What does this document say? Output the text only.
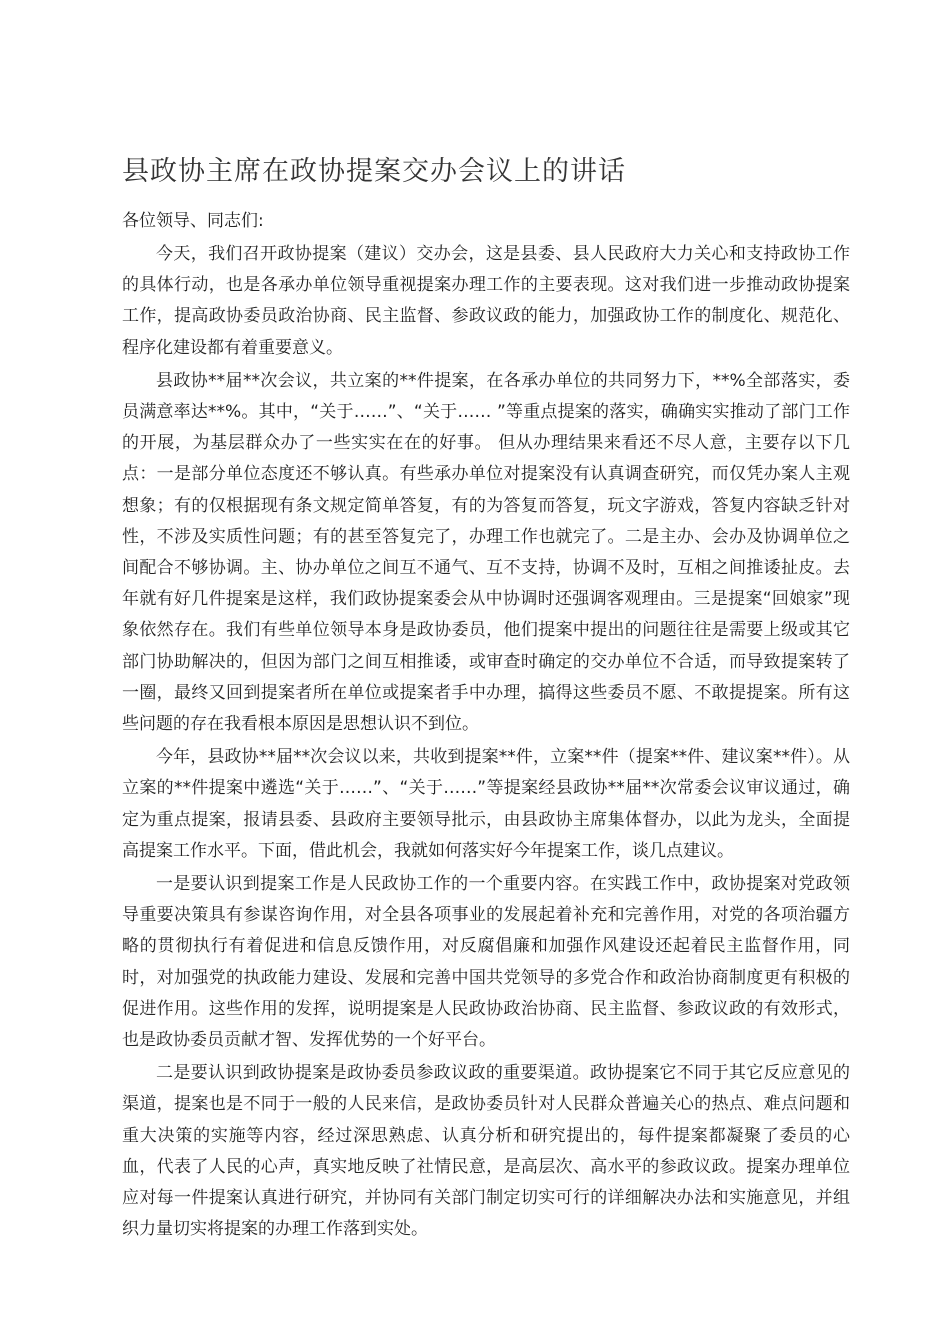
县政协主席在政协提案交办会议上的讲话

各位领导、同志们:

今天，我们召开政协提案（建议）交办会，这是县委、县人民政府大力关心和支持政协工作的具体行动，也是各承办单位领导重视提案办理工作的主要表现。这对我们进一步推动政协提案工作，提高政协委员政治协商、民主监督、参政议政的能力，加强政协工作的制度化、规范化、程序化建设都有着重要意义。

县政协**届**次会议，共立案的**件提案，在各承办单位的共同努力下，**%全部落实，委员满意率达**%。其中，“关于……”、“关于…… ”等重点提案的落实，确确实实推动了部门工作的开展，为基层群众办了一些实实在在的好事。 但从办理结果来看还不尽人意，主要存以下几点：一是部分单位态度还不够认真。有些承办单位对提案没有认真调查研究，而仅凭办案人主观想象；有的仅根据现有条文规定简单答复，有的为答复而答复，玩文字游戏，答复内容缺乏针对性，不涉及实质性问题；有的甚至答复完了，办理工作也就完了。二是主办、会办及协调单位之间配合不够协调。主、协办单位之间互不通气、互不支持，协调不及时，互相之间推诿扯皮。去年就有好几件提案是这样，我们政协提案委会从中协调时还强调客观理由。三是提案“回娘家”现象依然存在。我们有些单位领导本身是政协委员，他们提案中提出的问题往往是需要上级或其它部门协助解决的，但因为部门之间互相推诿，或审查时确定的交办单位不合适，而导致提案转了一圈，最终又回到提案者所在单位或提案者手中办理，搞得这些委员不愿、不敢提提案。所有这些问题的存在我看根本原因是思想认识不到位。

今年，县政协**届**次会议以来，共收到提案**件，立案**件（提案**件、建议案**件）。从立案的**件提案中遴选“关于……”、“关于……”等提案经县政协**届**次常委会议审议通过，确定为重点提案，报请县委、县政府主要领导批示，由县政协主席集体督办，以此为龙头，全面提高提案工作水平。下面，借此机会，我就如何落实好今年提案工作，谈几点建议。

一是要认识到提案工作是人民政协工作的一个重要内容。在实践工作中，政协提案对党政领导重要决策具有参谋咨询作用，对全县各项事业的发展起着补充和完善作用，对党的各项治疆方略的贯彻执行有着促进和信息反馈作用，对反腐倡廉和加强作风建设还起着民主监督作用，同时，对加强党的执政能力建设、发展和完善中国共党领导的多党合作和政治协商制度更有积极的促进作用。这些作用的发挥，说明提案是人民政协政治协商、民主监督、参政议政的有效形式，也是政协委员贡献才智、发挥优势的一个好平台。

二是要认识到政协提案是政协委员参政议政的重要渠道。政协提案它不同于其它反应意见的渠道，提案也是不同于一般的人民来信，是政协委员针对人民群众普遍关心的热点、难点问题和重大决策的实施等内容，经过深思熟虑、认真分析和研究提出的，每件提案都凝聚了委员的心血，代表了人民的心声，真实地反映了社情民意，是高层次、高水平的参政议政。提案办理单位应对每一件提案认真进行研究，并协同有关部门制定切实可行的详细解决办法和实施意见，并组织力量切实将提案的办理工作落到实处。
